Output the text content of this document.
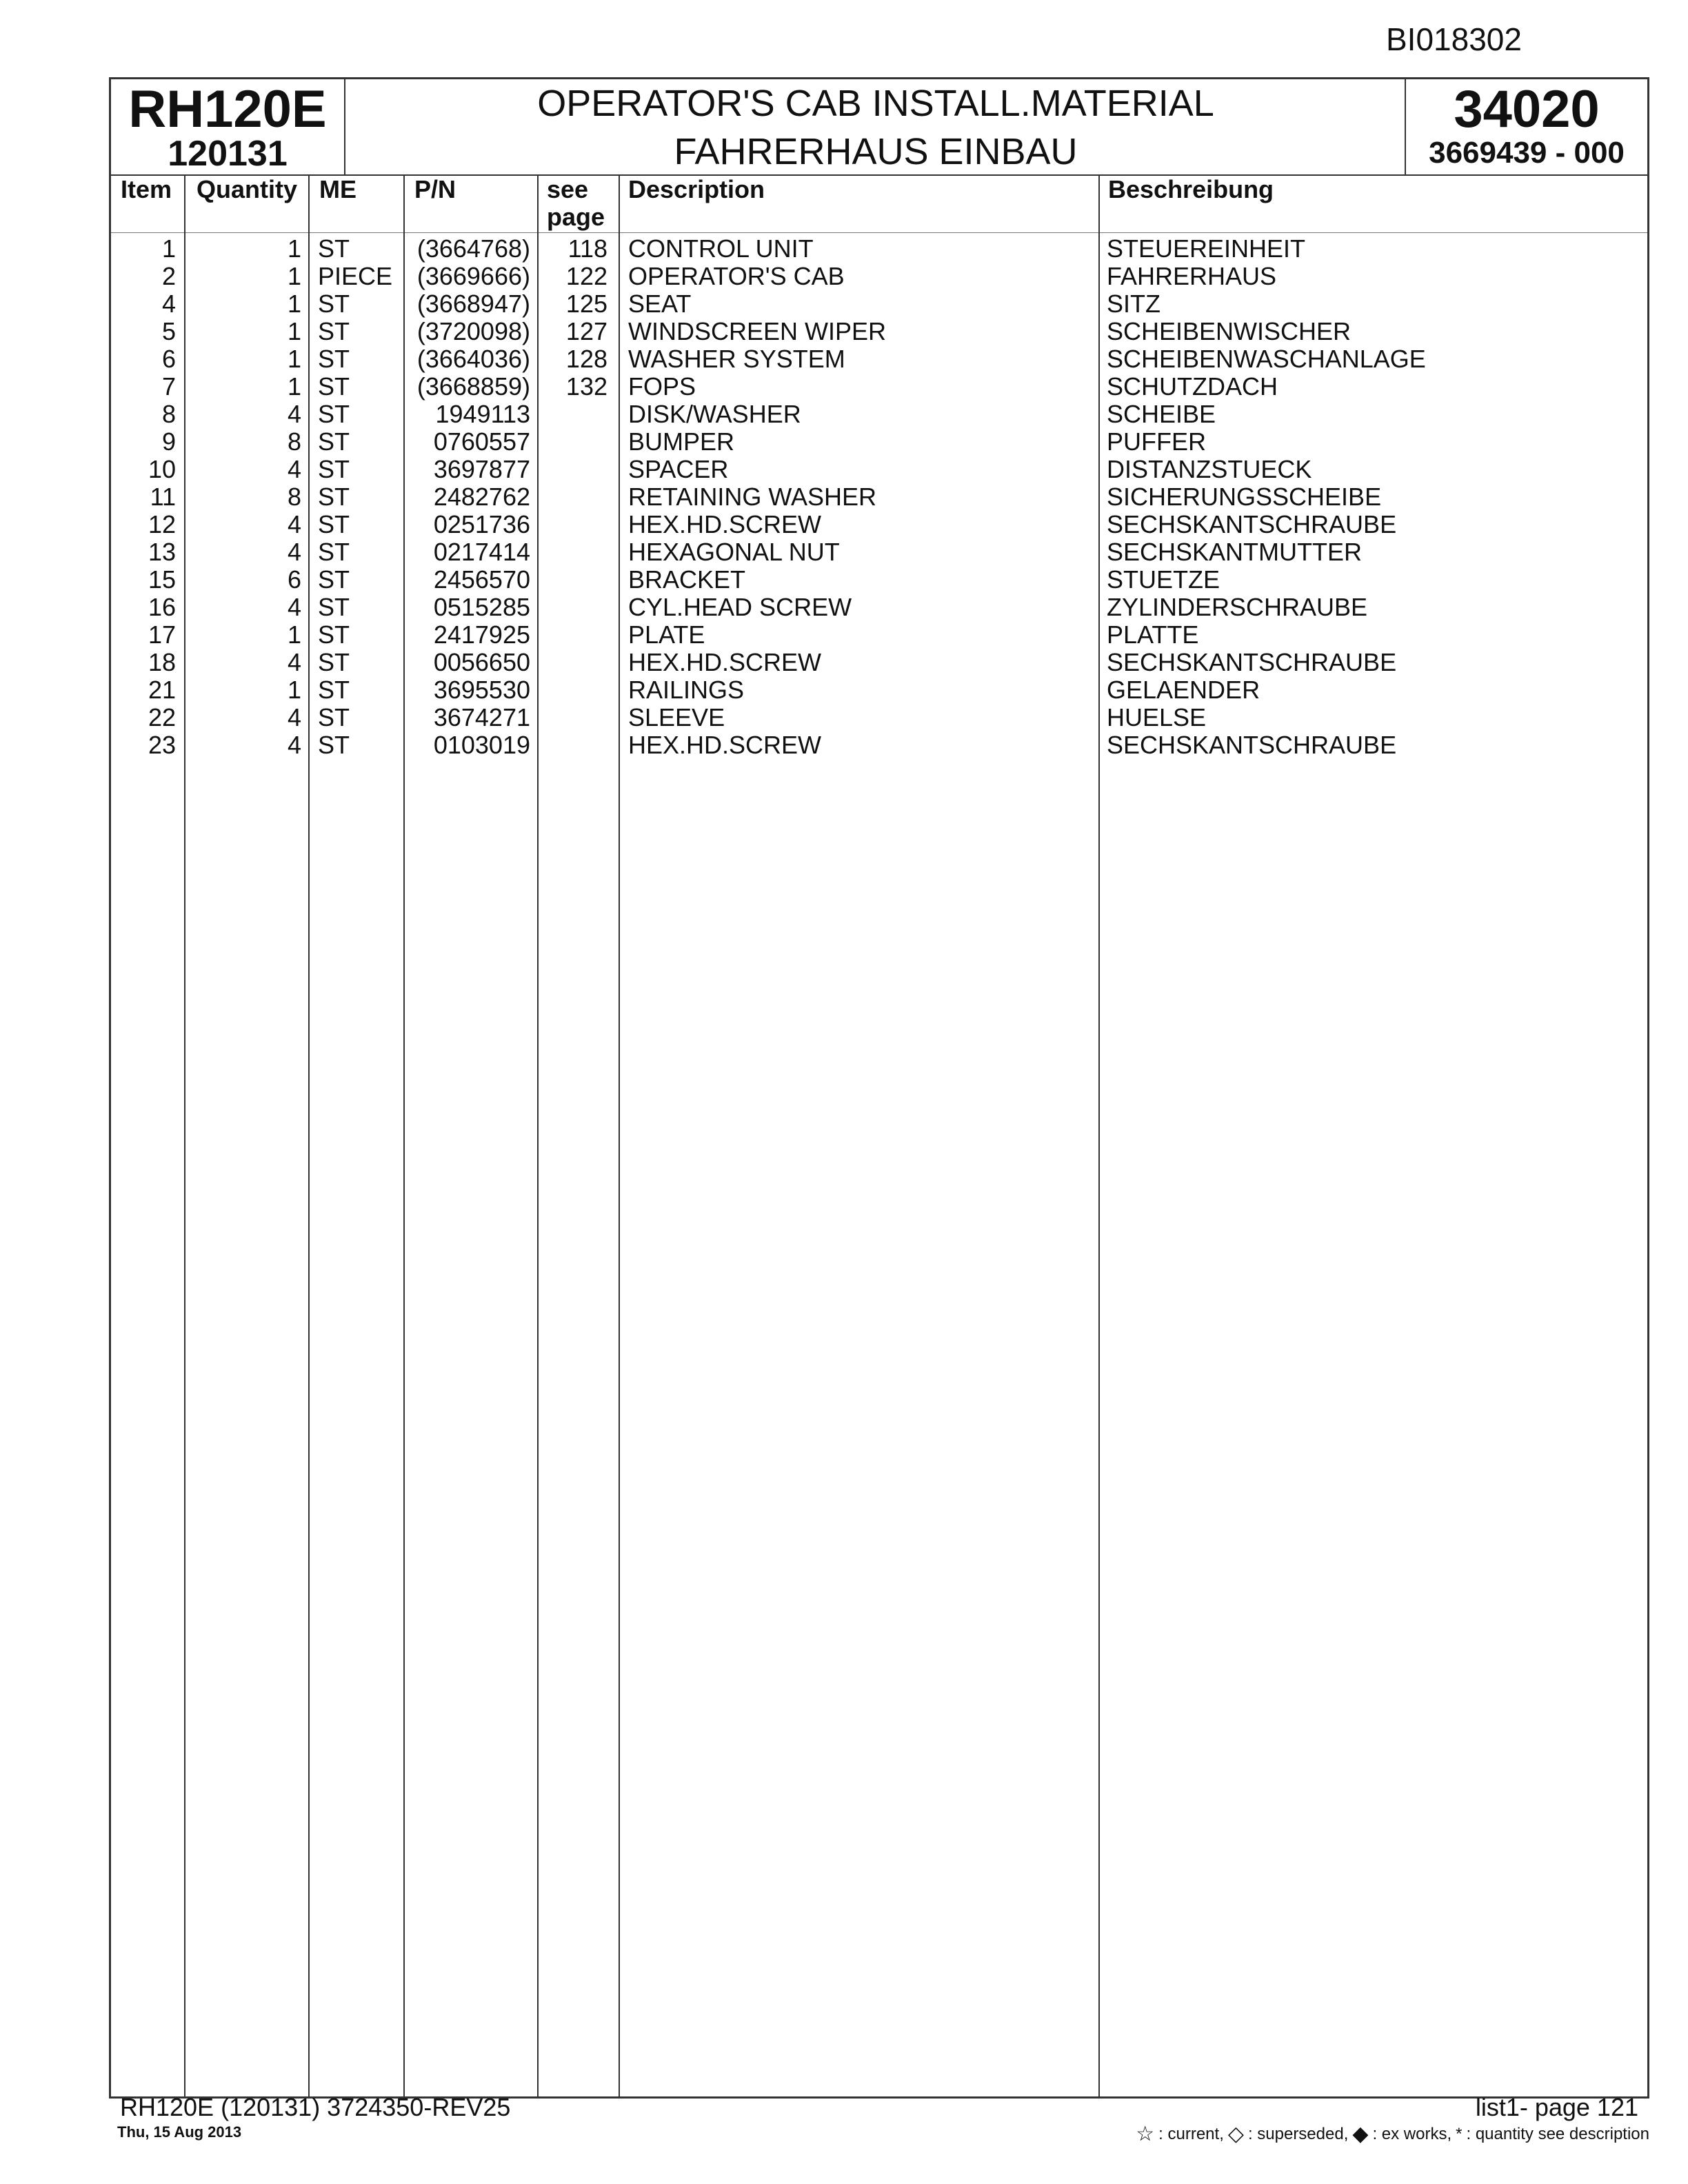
BI018302
RH120E
120131
OPERATOR'S CAB INSTALL.MATERIAL
FAHRERHAUS EINBAU
34020
3669439 - 000
Item Quantity ME P/N	see
page
Description	Beschreibung
1	1 ST	(3664768)	118 CONTROL UNIT	STEUEREINHEIT
2	1 PIECE (3669666)	122 OPERATOR'S CAB	FAHRERHAUS
4	1 ST	(3668947)	125 SEAT	SITZ
5	1 ST	(3720098)	127 WINDSCREEN WIPER	SCHEIBENWISCHER
6	1 ST	(3664036)	128 WASHER SYSTEM	SCHEIBENWASCHANLAGE
7	1 ST	(3668859)	132 FOPS	SCHUTZDACH
8	4 ST	1949113	DISK/WASHER	SCHEIBE
9	8 ST	0760557	BUMPER	PUFFER
10	4 ST	3697877	SPACER	DISTANZSTUECK
11	8 ST	2482762	RETAINING WASHER	SICHERUNGSSCHEIBE
12	4 ST	0251736	HEX.HD.SCREW	SECHSKANTSCHRAUBE
13	4 ST	0217414	HEXAGONAL NUT	SECHSKANTMUTTER
15	6 ST	2456570	BRACKET	STUETZE
16	4 ST	0515285	CYL.HEAD SCREW	ZYLINDERSCHRAUBE
17	1 ST	2417925	PLATE	PLATTE
18	4 ST	0056650	HEX.HD.SCREW	SECHSKANTSCHRAUBE
21	1 ST	3695530	RAILINGS	GELAENDER
22	4 ST	3674271	SLEEVE	HUELSE
23	4 ST	0103019	HEX.HD.SCREW	SECHSKANTSCHRAUBE
RH120E (120131) 3724350-REV25
Thu, 15 Aug 2013
list1- page 121
☆ : current, ◇ : superseded, ◆ : ex works, * : quantity see description
